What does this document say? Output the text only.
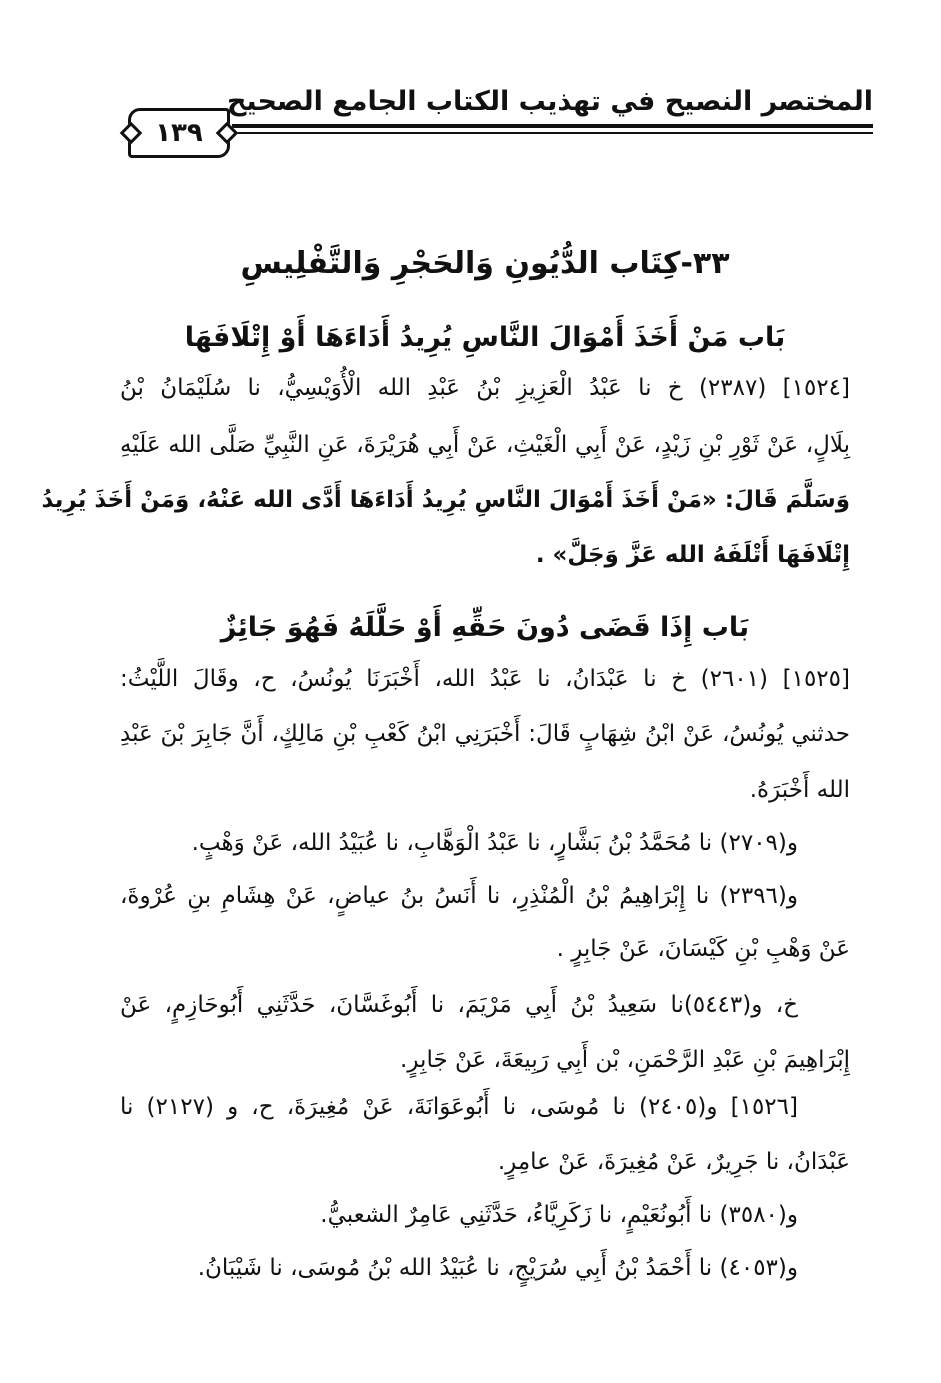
المختصر النصيح في تهذيب الكتاب الجامع الصحيح
١٣٩
٣٣-كِتَاب الدُّيُونِ وَالحَجْرِ وَالتَّفْلِيسِ
بَاب مَنْ أَخَذَ أَمْوَالَ النَّاسِ يُرِيدُ أَدَاءَهَا أَوْ إِتْلَافَهَا
[١٥٢٤] (٢٣٨٧) خ نا عَبْدُ الْعَزِيزِ بْنُ عَبْدِ الله الْأُوَيْسِيُّ، نا سُلَيْمَانُ بْنُ
بِلَالٍ، عَنْ ثَوْرِ بْنِ زَيْدٍ، عَنْ أَبِي الْغَيْثِ، عَنْ أَبِي هُرَيْرَةَ، عَنِ النَّبِيِّ صَلَّى الله عَلَيْهِ
وَسَلَّمَ قَالَ: «مَنْ أَخَذَ أَمْوَالَ النَّاسِ يُرِيدُ أَدَاءَهَا أَدَّى الله عَنْهُ، وَمَنْ أَخَذَ يُرِيدُ
إِتْلَافَهَا أَتْلَفَهُ الله عَزَّ وَجَلَّ» .
بَاب إِذَا قَضَى دُونَ حَقِّهِ أَوْ حَلَّلَهُ فَهُوَ جَائِزٌ
[١٥٢٥] (٢٦٠١) خ نا عَبْدَانُ، نا عَبْدُ الله، أَخْبَرَنَا يُونُسُ، ح، وقَالَ اللَّيْثُ:
حدثني يُونُسُ، عَنْ ابْنُ شِهَابٍ قَالَ: أَخْبَرَنِي ابْنُ كَعْبِ بْنِ مَالِكٍ، أَنَّ جَابِرَ بْنَ عَبْدِ
الله أَخْبَرَهُ.
و(٢٧٠٩) نا مُحَمَّدُ بْنُ بَشَّارٍ، نا عَبْدُ الْوَهَّابِ، نا عُبَيْدُ الله، عَنْ وَهْبٍ.
و(٢٣٩٦) نا إِبْرَاهِيمُ بْنُ الْمُنْذِرِ، نا أَنَسُ بنُ عياضٍ، عَنْ هِشَامِ بنِ عُرْوةَ،
عَنْ وَهْبِ بْنِ كَيْسَانَ، عَنْ جَابِرٍ .
خ، و(٥٤٤٣)نا سَعِيدُ بْنُ أَبِي مَرْيَمَ، نا أَبُوغَسَّانَ، حَدَّثَنِي أَبُوحَازِمٍ، عَنْ
إِبْرَاهِيمَ بْنِ عَبْدِ الرَّحْمَنِ، بْن أَبِي رَبِيعَةَ، عَنْ جَابِرٍ.
[١٥٢٦] و(٢٤٠٥) نا مُوسَى، نا أَبُوعَوَانَةَ، عَنْ مُغِيرَةَ، ح، و (٢١٢٧) نا
عَبْدَانُ، نا جَرِيرٌ، عَنْ مُغِيرَةَ، عَنْ عامِرٍ.
و(٣٥٨٠) نا أَبُونُعَيْمٍ، نا زَكَرِيَّاءُ، حَدَّثَنِي عَامِرٌ الشعبيُّ.
و(٤٠٥٣) نا أَحْمَدُ بْنُ أَبِي سُرَيْجٍ، نا عُبَيْدُ الله بْنُ مُوسَى، نا شَيْبَانُ.
